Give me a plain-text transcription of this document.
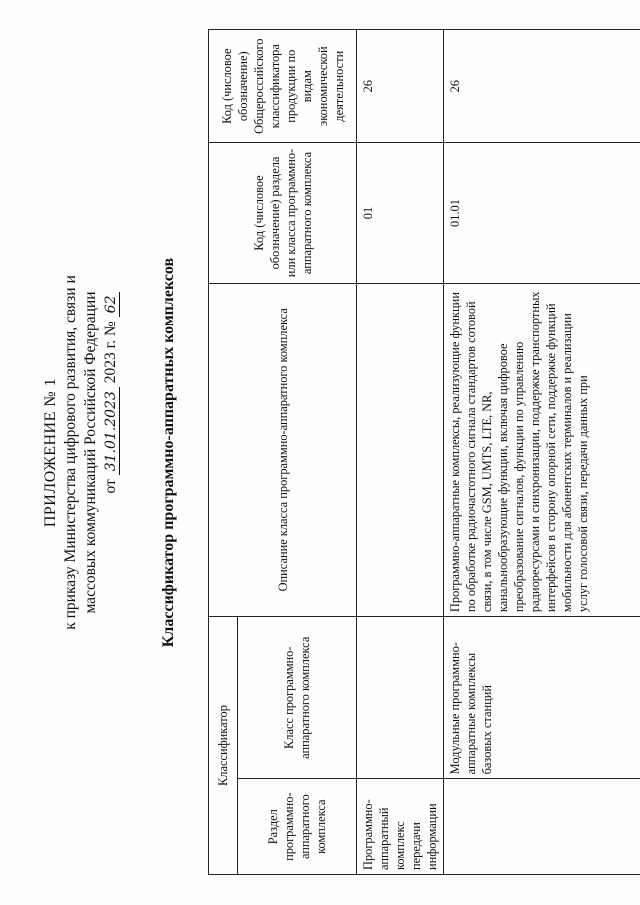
ПРИЛОЖЕНИЕ № 1 к приказу Министерства цифрового развития, связи и массовых коммуникаций Российской Федерации от 31.01.2023 2023 г. № 62	Классификатор программно-аппаратных комплексов
Классификатор		Описание класса программно-аппаратного комплекса	Код (числовое обозначение) раздела или класса программно-аппаратного комплекса	Код (числовое обозначение) Общероссийского классификатора продукции по видам экономической деятельности
Раздел программно-аппаратного комплекса	Класс программно-аппаратного комплекса			
Программно-аппаратный комплекс передачи информации			01	26
	Модульные программно-аппаратные комплексы базовых станций	Программно-аппаратные комплексы, реализующие функции по обработке радиочастотного сигнала стандартов сотовой связи, в том числе GSM, UMTS, LTE, NR, канальнообразующие функции, включая цифровое преобразование сигналов, функции по управлению радиоресурсами и синхронизации, поддержке транспортных интерфейсов в сторону опорной сети, поддержке функций мобильности для абонентских терминалов и реализации услуг голосовой связи, передачи данных при	01.01	26
